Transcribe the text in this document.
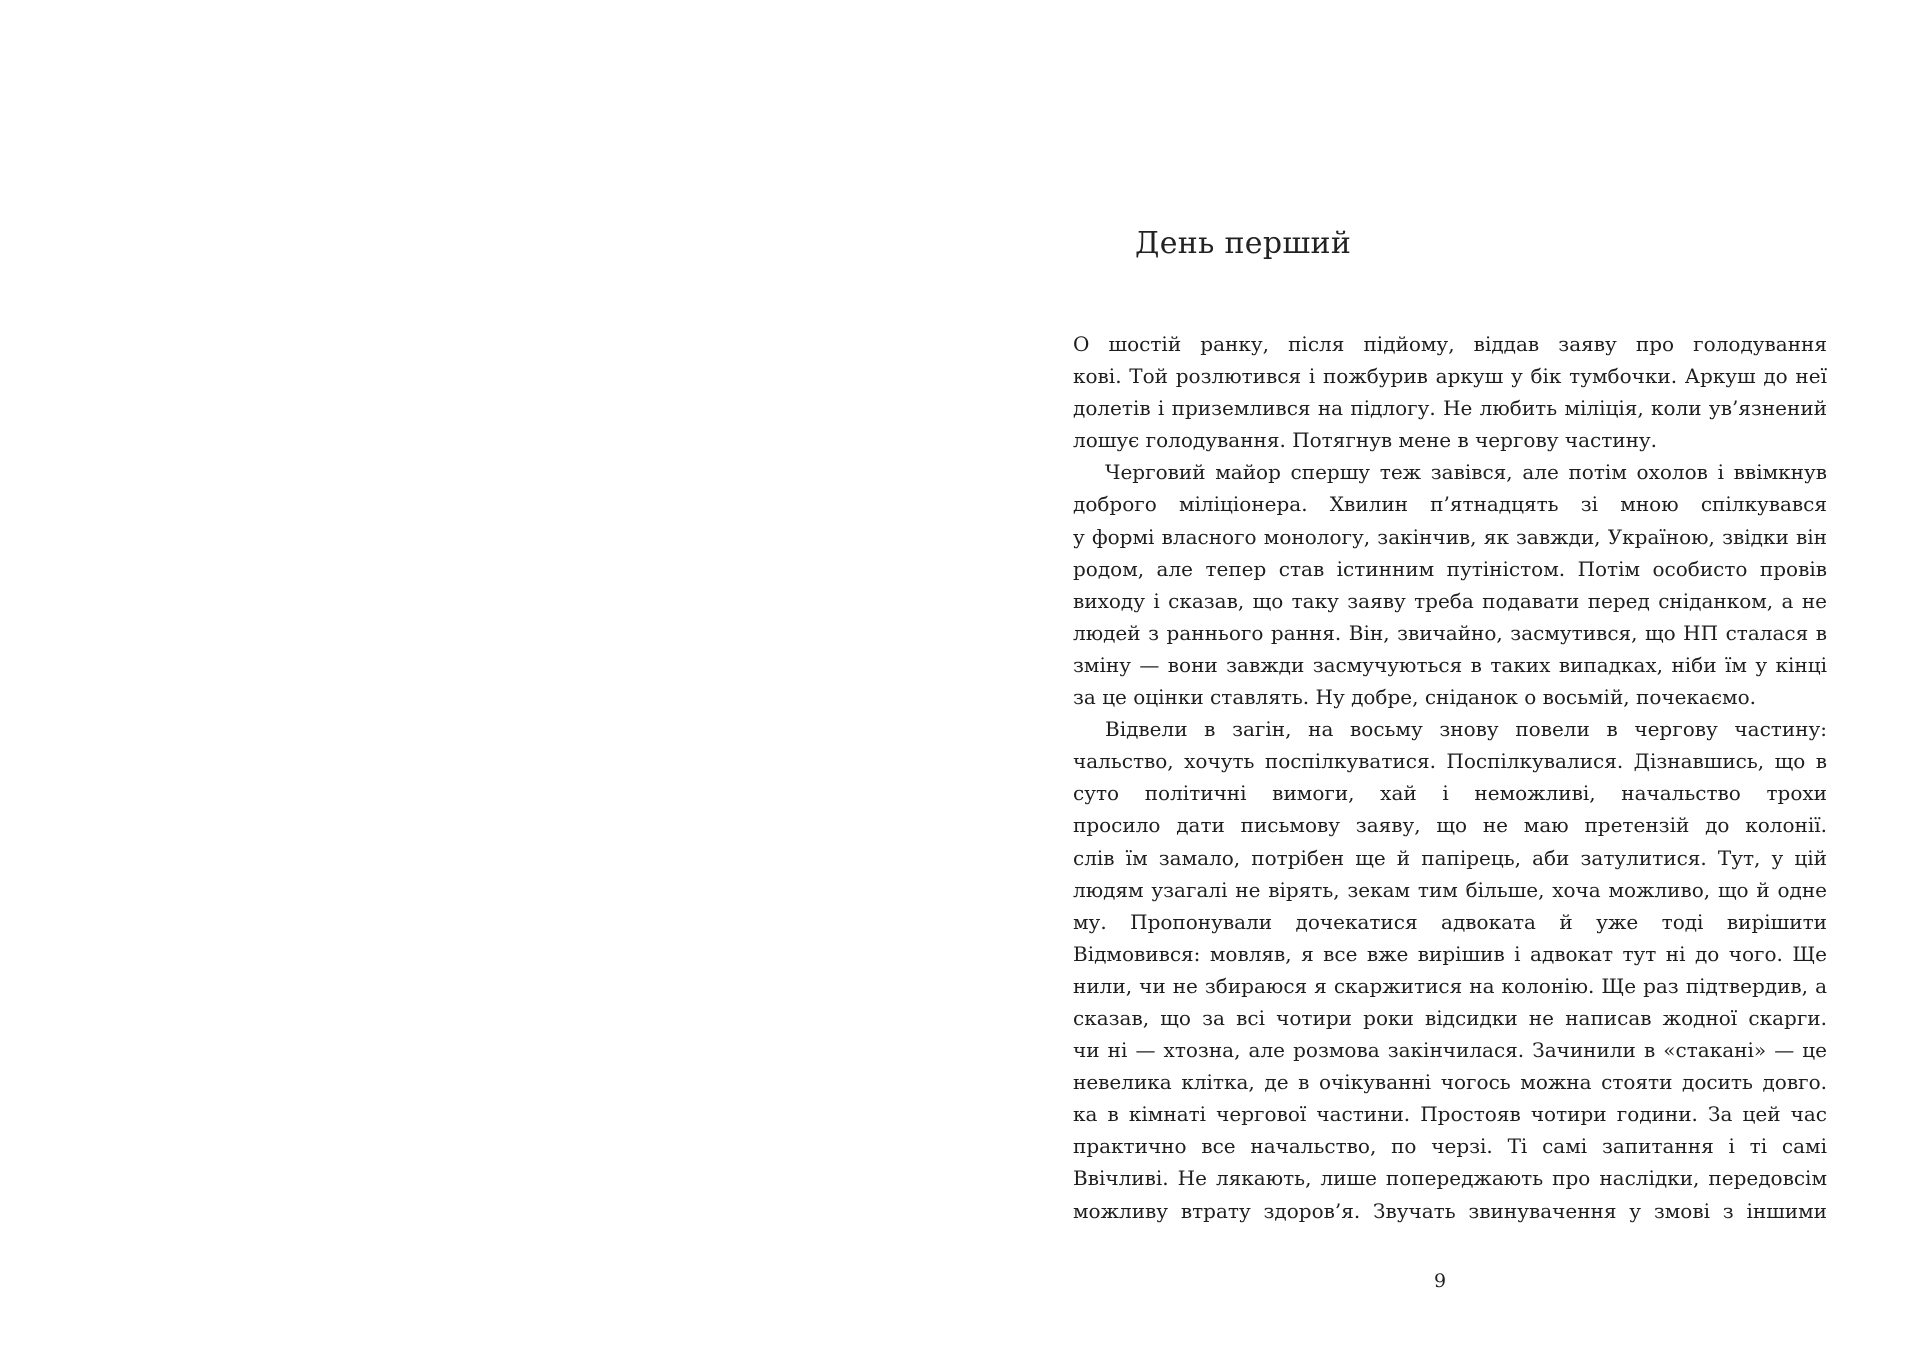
День перший
О шостій ранку, після підйому, віддав заяву про голодування
кові. Той розлютився і пожбурив аркуш у бік тумбочки. Аркуш до неї
долетів і приземлився на підлогу. Не любить міліція, коли ув’язнений
лошує голодування. Потягнув мене в чергову частину.
Черговий майор спершу теж завівся, але потім охолов і ввімкнув
доброго міліціонера. Хвилин п’ятнадцять зі мною спілкувався
у формі власного монологу, закінчив, як завжди, Україною, звідки він
родом, але тепер став істинним путіністом. Потім особисто провів
виходу і сказав, що таку заяву треба подавати перед сніданком, а не
людей з раннього рання. Він, звичайно, засмутився, що НП сталася в
зміну — вони завжди засмучуються в таких випадках, ніби їм у кінці
за це оцінки ставлять. Ну добре, сніданок о восьмій, почекаємо.
Відвели в загін, на восьму знову повели в чергову частину:
чальство, хочуть поспілкуватися. Поспілкувалися. Дізнавшись, що в
суто політичні вимоги, хай і неможливі, начальство трохи
просило дати письмову заяву, що не маю претензій до колонії.
слів їм замало, потрібен ще й папірець, аби затулитися. Тут, у цій
людям узагалі не вірять, зекам тим більше, хоча можливо, що й одне
му. Пропонували дочекатися адвоката й уже тоді вирішити
Відмовився: мовляв, я все вже вирішив і адвокат тут ні до чого. Ще
нили, чи не збираюся я скаржитися на колонію. Ще раз підтвердив, а
сказав, що за всі чотири роки відсидки не написав жодної скарги.
чи ні — хтозна, але розмова закінчилася. Зачинили в «стакані» — це
невелика клітка, де в очікуванні чогось можна стояти досить довго.
ка в кімнаті чергової частини. Простояв чотири години. За цей час
практично все начальство, по черзі. Ті самі запитання і ті самі
Ввічливі. Не лякають, лише попереджають про наслідки, передовсім
можливу втрату здоров’я. Звучать звинувачення у змові з іншими
9
